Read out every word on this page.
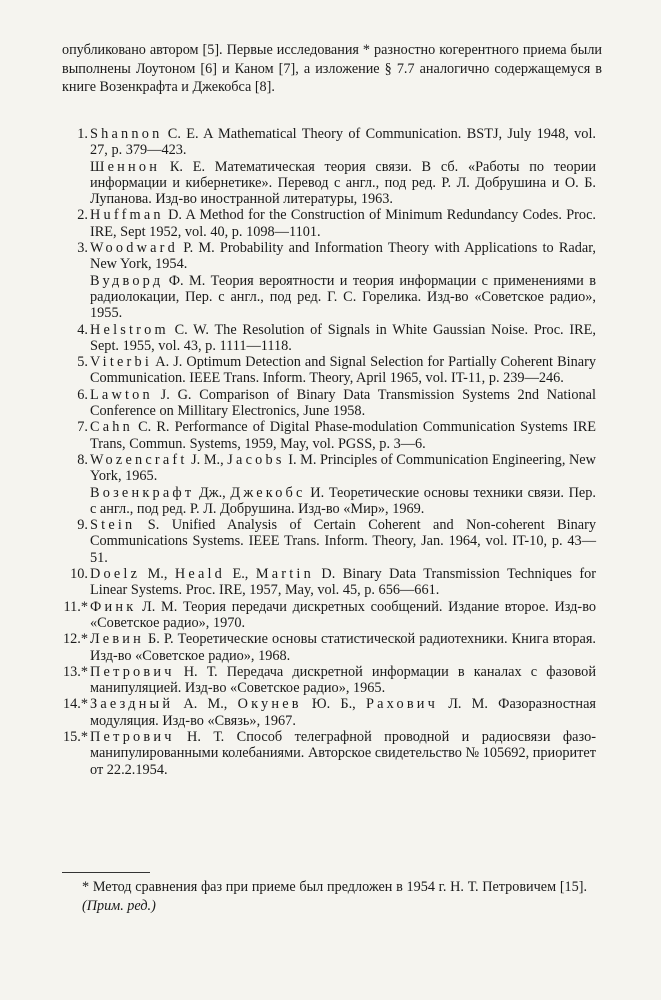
опубликовано автором [5]. Первые исследования * разностно когерентного приема были выполнены Лоутоном [6] и Каном [7], а изложение § 7.7 аналогично содержащемуся в книге Возенкрафта и Джекобса [8].

1. Shannon C. E. A Mathematical Theory of Communication. BSTJ, July 1948, vol. 27, p. 379—423.
Шеннон К. Е. Математическая теория связи. В сб. «Работы по теории информации и кибернетике». Перевод с англ., под ред. Р. Л. Добрушина и О. Б. Лупанова. Изд-во иностранной литературы, 1963.
2. Huffman D. A Method for the Construction of Minimum Redundancy Codes. Proc. IRE, Sept 1952, vol. 40, p. 1098—1101.
3. Woodward P. M. Probability and Information Theory with Applications to Radar, New York, 1954.
Вудворд Ф. М. Теория вероятности и теория информации с применениями в радиолокации, Пер. с англ., под ред. Г. С. Горелика. Изд-во «Советское радио», 1955.
4. Helstrom C. W. The Resolution of Signals in White Gaussian Noise. Proc. IRE, Sept. 1955, vol. 43, p. 1111—1118.
5. Viterbi A. J. Optimum Detection and Signal Selection for Partially Coherent Binary Communication. IEEE Trans. Inform. Theory, April 1965, vol. IT-11, p. 239—246.
6. Lawton J. G. Comparison of Binary Data Transmission Systems 2nd National Conference on Millitary Electronics, June 1958.
7. Cahn C. R. Performance of Digital Phase-modulation Communication Systems IRE Trans, Commun. Systems, 1959, May, vol. PGSS, p. 3—6.
8. Wozencraft J. M., Jacobs I. M. Principles of Communication Engineering, New York, 1965.
Возенкрафт Дж., Джекобс И. Теоретические основы техники связи. Пер. с англ., под ред. Р. Л. Добрушина. Изд-во «Мир», 1969.
9. Stein S. Unified Analysis of Certain Coherent and Non-coherent Binary Communications Systems. IEEE Trans. Inform. Theory, Jan. 1964, vol. IT-10, p. 43—51.
10. Doelz M., Heald E., Martin D. Binary Data Transmission Techniques for Linear Systems. Proc. IRE, 1957, May, vol. 45, p. 656—661.
11.* Финк Л. М. Теория передачи дискретных сообщений. Издание второе. Изд-во «Советское радио», 1970.
12.* Левин Б. Р. Теоретические основы статистической радиотехники. Книга вторая. Изд-во «Советское радио», 1968.
13.* Петрович Н. Т. Передача дискретной информации в каналах с фазовой манипуляцией. Изд-во «Советское радио», 1965.
14.* Заездный А. М., Окунев Ю. Б., Рахович Л. М. Фазоразностная модуляция. Изд-во «Связь», 1967.
15.* Петрович Н. Т. Способ телеграфной проводной и радиосвязи фазо-манипулированными колебаниями. Авторское свидетельство № 105692, приоритет от 22.2.1954.

* Метод сравнения фаз при приеме был предложен в 1954 г. Н. Т. Петровичем [15]. (Прим. ред.)
